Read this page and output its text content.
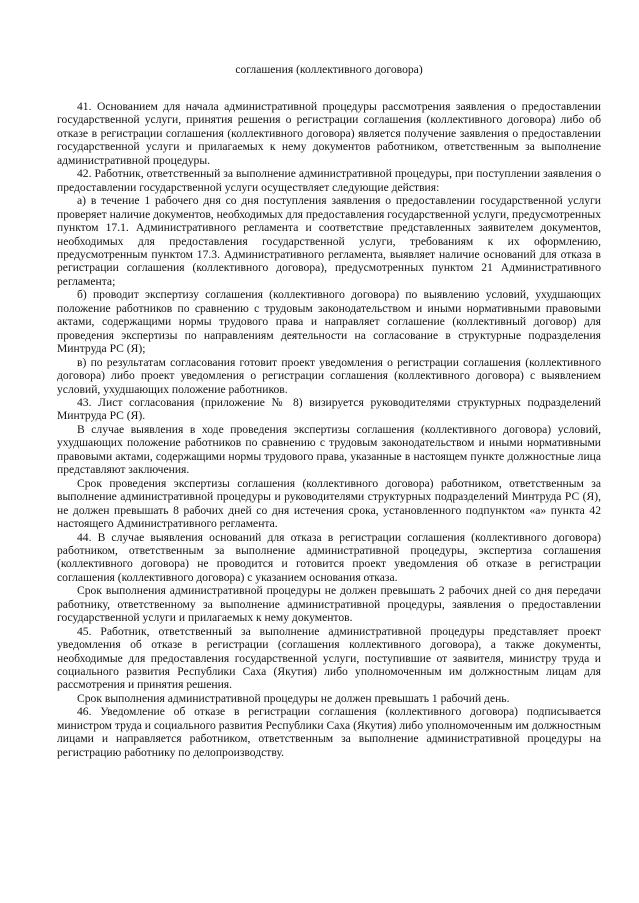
соглашения (коллективного договора)

41. Основанием для начала административной процедуры рассмотрения заявления о предоставлении государственной услуги, принятия решения о регистрации соглашения (коллективного договора) либо об отказе в регистрации соглашения (коллективного договора) является получение заявления о предоставлении государственной услуги и прилагаемых к нему документов работником, ответственным за выполнение административной процедуры.

42. Работник, ответственный за выполнение административной процедуры, при поступлении заявления о предоставлении государственной услуги осуществляет следующие действия:

а) в течение 1 рабочего дня со дня поступления заявления о предоставлении государственной услуги проверяет наличие документов, необходимых для предоставления государственной услуги, предусмотренных пунктом 17.1. Административного регламента и соответствие представленных заявителем документов, необходимых для предоставления государственной услуги, требованиям к их оформлению, предусмотренным пунктом 17.3. Административного регламента, выявляет наличие оснований для отказа в регистрации соглашения (коллективного договора), предусмотренных пунктом 21 Административного регламента;

б) проводит экспертизу соглашения (коллективного договора) по выявлению условий, ухудшающих положение работников по сравнению с трудовым законодательством и иными нормативными правовыми актами, содержащими нормы трудового права и направляет соглашение (коллективный договор) для проведения экспертизы по направлениям деятельности на согласование в структурные подразделения Минтруда РС (Я);

в) по результатам согласования готовит проект уведомления о регистрации соглашения (коллективного договора) либо проект уведомления о регистрации соглашения (коллективного договора) с выявлением условий, ухудшающих положение работников.

43. Лист согласования (приложение № 8) визируется руководителями структурных подразделений Минтруда РС (Я).

В случае выявления в ходе проведения экспертизы соглашения (коллективного договора) условий, ухудшающих положение работников по сравнению с трудовым законодательством и иными нормативными правовыми актами, содержащими нормы трудового права, указанные в настоящем пункте должностные лица представляют заключения.

Срок проведения экспертизы соглашения (коллективного договора) работником, ответственным за выполнение административной процедуры и руководителями структурных подразделений Минтруда РС (Я), не должен превышать 8 рабочих дней со дня истечения срока, установленного подпунктом «а» пункта 42 настоящего Административного регламента.

44. В случае выявления оснований для отказа в регистрации соглашения (коллективного договора) работником, ответственным за выполнение административной процедуры, экспертиза соглашения (коллективного договора) не проводится и готовится проект уведомления об отказе в регистрации соглашения (коллективного договора) с указанием основания отказа.

Срок выполнения административной процедуры не должен превышать 2 рабочих дней со дня передачи работнику, ответственному за выполнение административной процедуры, заявления о предоставлении государственной услуги и прилагаемых к нему документов.

45. Работник, ответственный за выполнение административной процедуры представляет проект уведомления об отказе в регистрации (соглашения коллективного договора), а также документы, необходимые для предоставления государственной услуги, поступившие от заявителя, министру труда и социального развития Республики Саха (Якутия) либо уполномоченным им должностным лицам для рассмотрения и принятия решения.

Срок выполнения административной процедуры не должен превышать 1 рабочий день.

46. Уведомление об отказе в регистрации соглашения (коллективного договора) подписывается министром труда и социального развития Республики Саха (Якутия) либо уполномоченным им должностным лицами и направляется работником, ответственным за выполнение административной процедуры на регистрацию работнику по делопроизводству.
